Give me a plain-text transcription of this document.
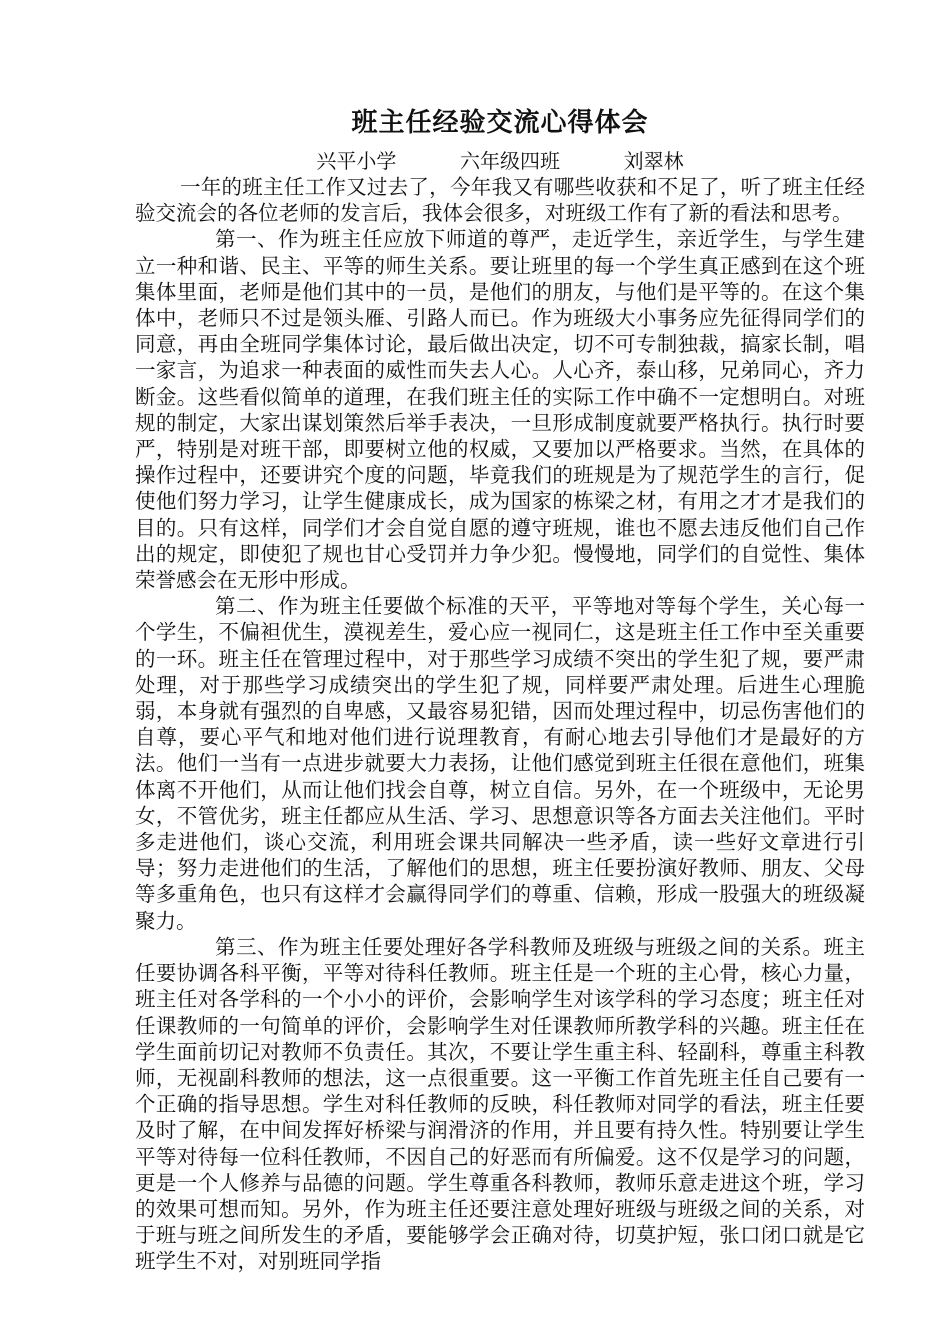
班主任经验交流心得体会

兴平小学          六年级四班          刘翠林

一年的班主任工作又过去了，今年我又有哪些收获和不足了，听了班主任经验交流会的各位老师的发言后，我体会很多，对班级工作有了新的看法和思考。

第一、作为班主任应放下师道的尊严，走近学生，亲近学生，与学生建立一种和谐、民主、平等的师生关系。要让班里的每一个学生真正感到在这个班集体里面，老师是他们其中的一员，是他们的朋友，与他们是平等的。在这个集体中，老师只不过是领头雁、引路人而已。作为班级大小事务应先征得同学们的同意，再由全班同学集体讨论，最后做出决定，切不可专制独裁，搞家长制，唱一家言，为追求一种表面的威性而失去人心。人心齐，泰山移，兄弟同心，齐力断金。这些看似简单的道理，在我们班主任的实际工作中确不一定想明白。对班规的制定，大家出谋划策然后举手表决，一旦形成制度就要严格执行。执行时要严，特别是对班干部，即要树立他的权威，又要加以严格要求。当然，在具体的操作过程中，还要讲究个度的问题，毕竟我们的班规是为了规范学生的言行，促使他们努力学习，让学生健康成长，成为国家的栋梁之材，有用之才才是我们的目的。只有这样，同学们才会自觉自愿的遵守班规，谁也不愿去违反他们自己作出的规定，即使犯了规也甘心受罚并力争少犯。慢慢地，同学们的自觉性、集体荣誉感会在无形中形成。

第二、作为班主任要做个标准的天平，平等地对等每个学生，关心每一个学生，不偏袒优生，漠视差生，爱心应一视同仁，这是班主任工作中至关重要的一环。班主任在管理过程中，对于那些学习成绩不突出的学生犯了规，要严肃处理，对于那些学习成绩突出的学生犯了规，同样要严肃处理。后进生心理脆弱，本身就有强烈的自卑感，又最容易犯错，因而处理过程中，切忌伤害他们的自尊，要心平气和地对他们进行说理教育，有耐心地去引导他们才是最好的方法。他们一当有一点进步就要大力表扬，让他们感觉到班主任很在意他们，班集体离不开他们，从而让他们找会自尊，树立自信。另外，在一个班级中，无论男女，不管优劣，班主任都应从生活、学习、思想意识等各方面去关注他们。平时多走进他们，谈心交流，利用班会课共同解决一些矛盾，读一些好文章进行引导；努力走进他们的生活，了解他们的思想，班主任要扮演好教师、朋友、父母等多重角色，也只有这样才会赢得同学们的尊重、信赖，形成一股强大的班级凝聚力。

第三、作为班主任要处理好各学科教师及班级与班级之间的关系。班主任要协调各科平衡，平等对待科任教师。班主任是一个班的主心骨，核心力量，班主任对各学科的一个小小的评价，会影响学生对该学科的学习态度；班主任对任课教师的一句简单的评价，会影响学生对任课教师所教学科的兴趣。班主任在学生面前切记对教师不负责任。其次，不要让学生重主科、轻副科，尊重主科教师，无视副科教师的想法，这一点很重要。这一平衡工作首先班主任自己要有一个正确的指导思想。学生对科任教师的反映，科任教师对同学的看法，班主任要及时了解，在中间发挥好桥梁与润滑济的作用，并且要有持久性。特别要让学生平等对待每一位科任教师，不因自己的好恶而有所偏爱。这不仅是学习的问题，更是一个人修养与品德的问题。学生尊重各科教师，教师乐意走进这个班，学习的效果可想而知。另外，作为班主任还要注意处理好班级与班级之间的关系，对于班与班之间所发生的矛盾，要能够学会正确对待，切莫护短，张口闭口就是它班学生不对，对别班同学指
